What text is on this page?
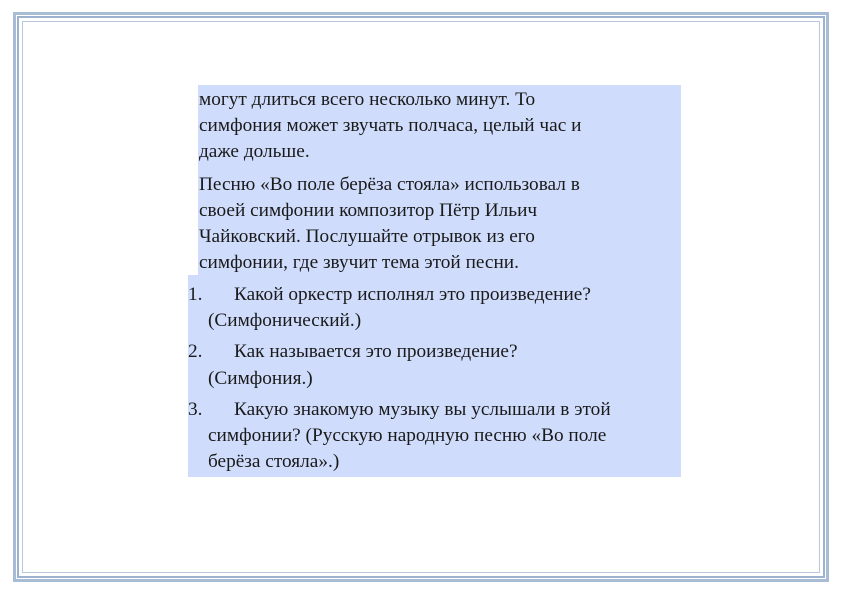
могут длиться всего несколько минут. То
симфония может звучать полчаса, целый час и
даже дольше.

Песню «Во поле берёза стояла» использовал в
своей симфонии композитор Пётр Ильич
Чайковский. Послушайте отрывок из его
симфонии, где звучит тема этой песни.

1.	Какой оркестр исполнял это произведение?
(Симфонический.)
2.	Как называется это произведение?
(Симфония.)
3.	Какую знакомую музыку вы услышали в этой
симфонии? (Русскую народную песню «Во поле
берёза стояла».)
